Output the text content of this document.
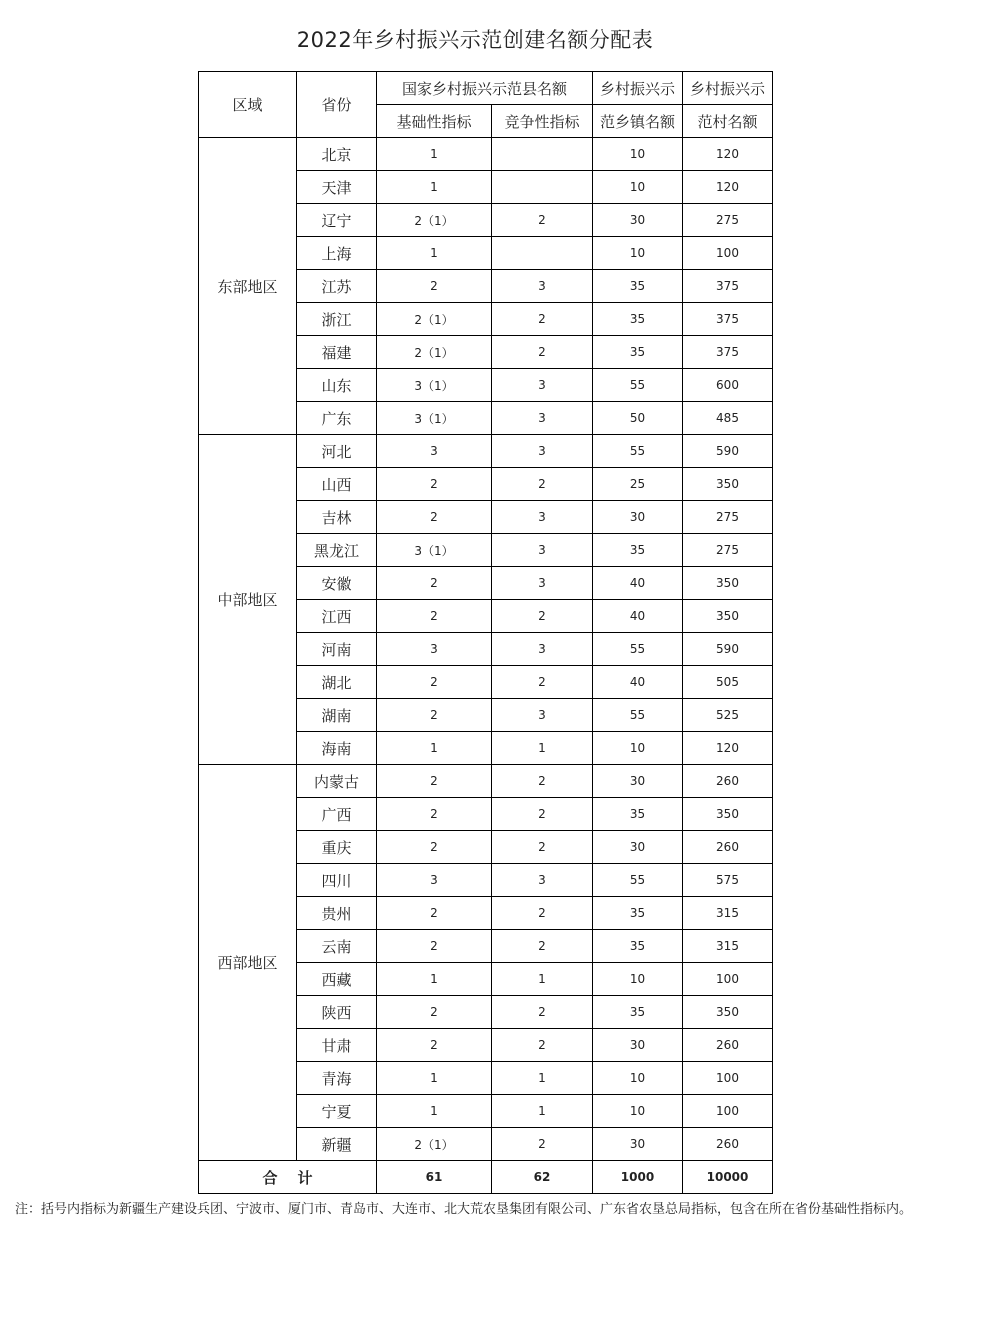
2022年乡村振兴示范创建名额分配表
区域	省份	国家乡村振兴示范县名额		乡村振兴示	乡村振兴示
		基础性指标	竞争性指标	范乡镇名额	范村名额
东部地区	北京	1		10	120
	天津	1		10	120
	辽宁	2（1）	2	30	275
	上海	1		10	100
	江苏	2	3	35	375
	浙江	2（1）	2	35	375
	福建	2（1）	2	35	375
	山东	3（1）	3	55	600
	广东	3（1）	3	50	485
中部地区	河北	3	3	55	590
	山西	2	2	25	350
	吉林	2	3	30	275
	黑龙江	3（1）	3	35	275
	安徽	2	3	40	350
	江西	2	2	40	350
	河南	3	3	55	590
	湖北	2	2	40	505
	湖南	2	3	55	525
	海南	1	1	10	120
西部地区	内蒙古	2	2	30	260
	广西	2	2	35	350
	重庆	2	2	30	260
	四川	3	3	55	575
	贵州	2	2	35	315
	云南	2	2	35	315
	西藏	1	1	10	100
	陕西	2	2	35	350
	甘肃	2	2	30	260
	青海	1	1	10	100
	宁夏	1	1	10	100
	新疆	2（1）	2	30	260
合计		61	62	1000	10000
注：括号内指标为新疆生产建设兵团、宁波市、厦门市、青岛市、大连市、北大荒农垦集团有限公司、广东省农垦总局指标，包含在所在省份基础性指标内。
